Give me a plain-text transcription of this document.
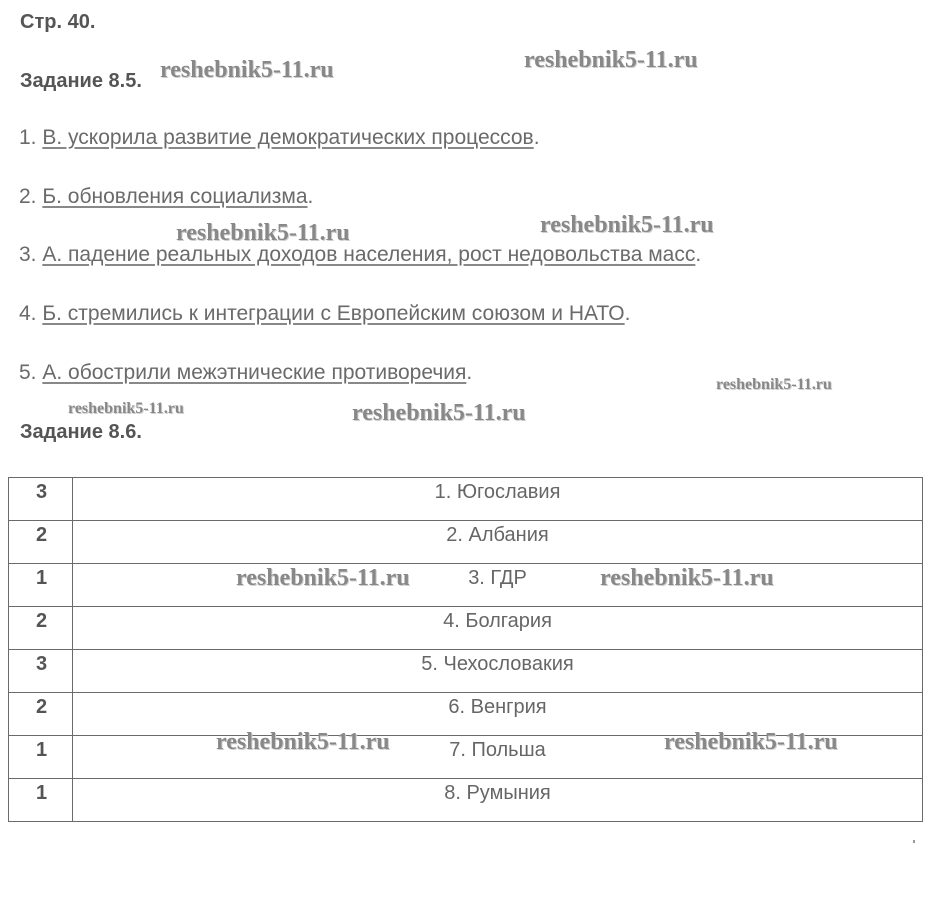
Стр. 40.
Задание 8.5.
1. В. ускорила развитие демократических процессов.
2. Б. обновления социализма.
3. А. падение реальных доходов населения, рост недовольства масс.
4. Б. стремились к интеграции с Европейским союзом и НАТО.
5. А. обострили межэтнические противоречия.
Задание 8.6.
3	1. Югославия
2	2. Албания
1	3. ГДР
2	4. Болгария
3	5. Чехословакия
2	6. Венгрия
1	7. Польша
1	8. Румыния
reshebnik5-11.ru	reshebnik5-11.ru
reshebnik5-11.ru	reshebnik5-11.ru
reshebnik5-11.ru
reshebnik5-11.ru	reshebnik5-11.ru
reshebnik5-11.ru	reshebnik5-11.ru
reshebnik5-11.ru	reshebnik5-11.ru
